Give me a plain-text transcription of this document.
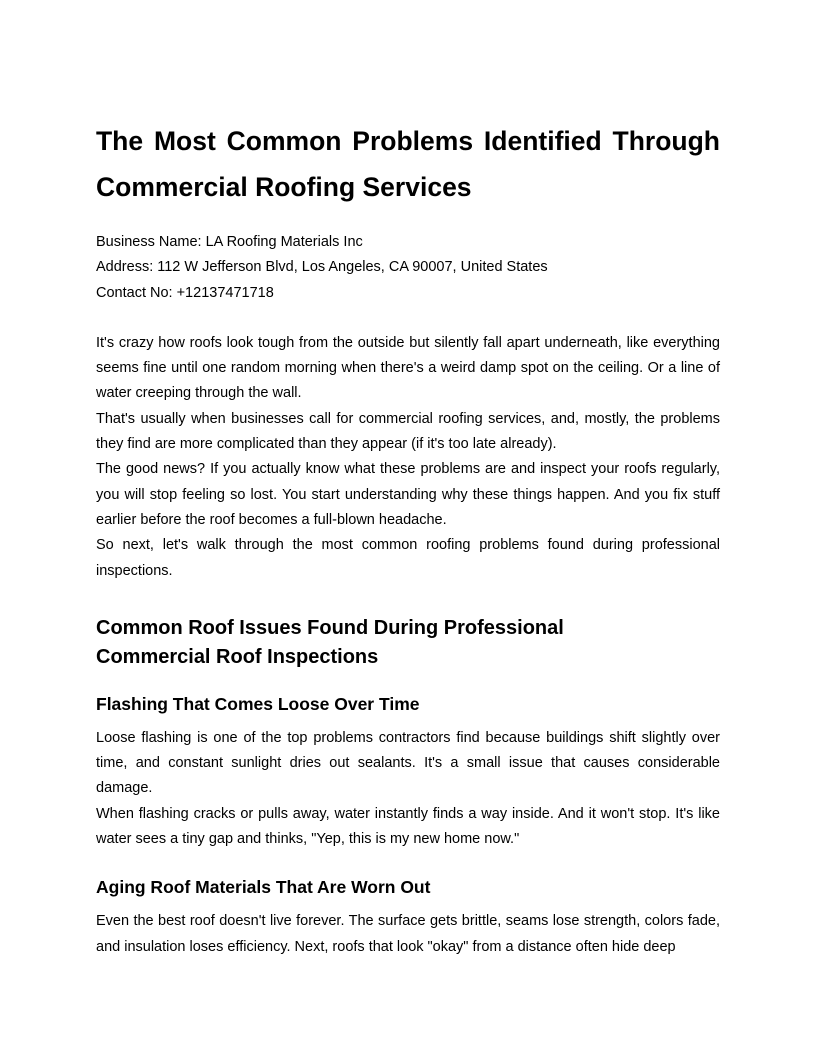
The Most Common Problems Identified Through
Commercial Roofing Services
Business Name: LA Roofing Materials Inc
Address: 112 W Jefferson Blvd, Los Angeles, CA 90007, United States
Contact No: +12137471718

It's crazy how roofs look tough from the outside but silently fall apart underneath, like everything seems fine until one random morning when there's a weird damp spot on the ceiling. Or a line of water creeping through the wall.

That's usually when businesses call for commercial roofing services, and, mostly, the problems they find are more complicated than they appear (if it's too late already).

The good news? If you actually know what these problems are and inspect your roofs regularly, you will stop feeling so lost. You start understanding why these things happen. And you fix stuff earlier before the roof becomes a full-blown headache.

So next, let's walk through the most common roofing problems found during professional inspections.

Common Roof Issues Found During Professional Commercial Roof Inspections
Flashing That Comes Loose Over Time

Loose flashing is one of the top problems contractors find because buildings shift slightly over time, and constant sunlight dries out sealants. It's a small issue that causes considerable damage.

When flashing cracks or pulls away, water instantly finds a way inside. And it won't stop. It's like water sees a tiny gap and thinks, "Yep, this is my new home now."

Aging Roof Materials That Are Worn Out

Even the best roof doesn't live forever. The surface gets brittle, seams lose strength, colors fade, and insulation loses efficiency. Next, roofs that look "okay" from a distance often hide deep
